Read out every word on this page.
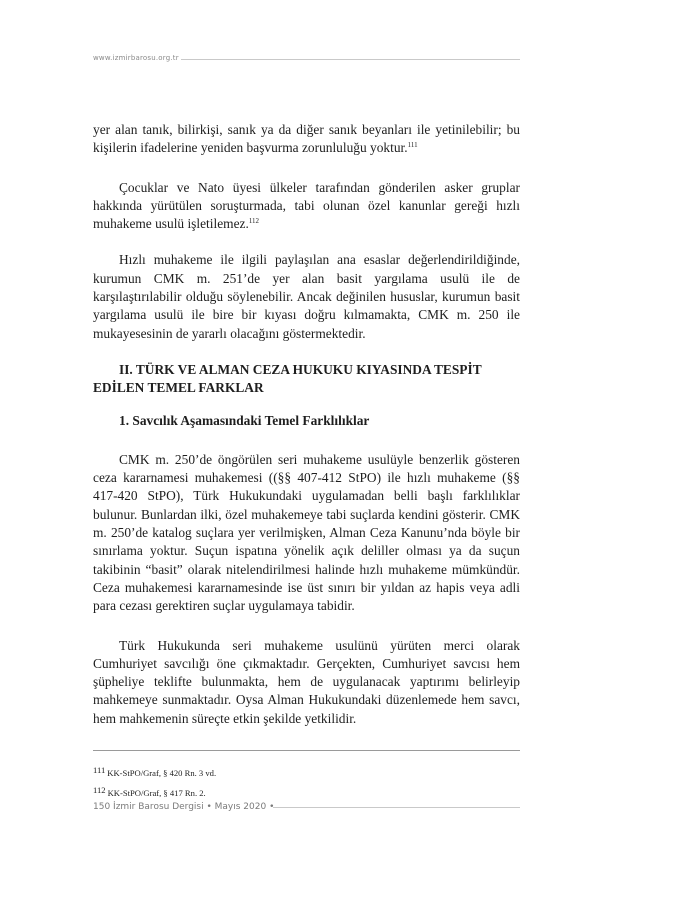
www.izmirbarosu.org.tr

yer alan tanık, bilirkişi, sanık ya da diğer sanık beyanları ile yetinilebilir; bu kişilerin ifadelerine yeniden başvurma zorunluluğu yoktur.$^{111}$

Çocuklar ve Nato üyesi ülkeler tarafından gönderilen asker gruplar hakkında yürütülen soruşturmada, tabi olunan özel kanunlar gereği hızlı muhakeme usulü işletilemez.$^{112}$

Hızlı muhakeme ile ilgili paylaşılan ana esaslar değerlendirildiğinde, kurumun CMK m. 251’de yer alan basit yargılama usulü ile de karşılaştırılabilir olduğu söylenebilir. Ancak değinilen hususlar, kurumun basit yargılama usulü ile bire bir kıyası doğru kılmamakta, CMK m. 250 ile mukayesesinin de yararlı olacağını göstermektedir.

II. TÜRK VE ALMAN CEZA HUKUKU KIYASINDA TESPİT EDİLEN TEMEL FARKLAR

1. Savcılık Aşamasındaki Temel Farklılıklar

CMK m. 250’de öngörülen seri muhakeme usulüyle benzerlik gösteren ceza kararnamesi muhakemesi ((§§ 407-412 StPO) ile hızlı muhakeme (§§ 417-420 StPO), Türk Hukukundaki uygulamadan belli başlı farklılıklar bulunur. Bunlardan ilki, özel muhakemeye tabi suçlarda kendini gösterir. CMK m. 250’de katalog suçlara yer verilmişken, Alman Ceza Kanunu’nda böyle bir sınırlama yoktur. Suçun ispatına yönelik açık deliller olması ya da suçun takibinin “basit” olarak nitelendirilmesi halinde hızlı muhakeme mümkündür. Ceza muhakemesi kararnamesinde ise üst sınırı bir yıldan az hapis veya adli para cezası gerektiren suçlar uygulamaya tabidir.

Türk Hukukunda seri muhakeme usulünü yürüten merci olarak Cumhuriyet savcılığı öne çıkmaktadır. Gerçekten, Cumhuriyet savcısı hem şüpheliye teklifte bulunmakta, hem de uygulanacak yaptırımı belirleyip mahkemeye sunmaktadır. Oysa Alman Hukukundaki düzenlemede hem savcı, hem mahkemenin süreçte etkin şekilde yetkilidir.

111 KK-StPO/Graf, § 420 Rn. 3 vd.
112 KK-StPO/Graf, § 417 Rn. 2.
150 İzmir Barosu Dergisi • Mayıs 2020 •
